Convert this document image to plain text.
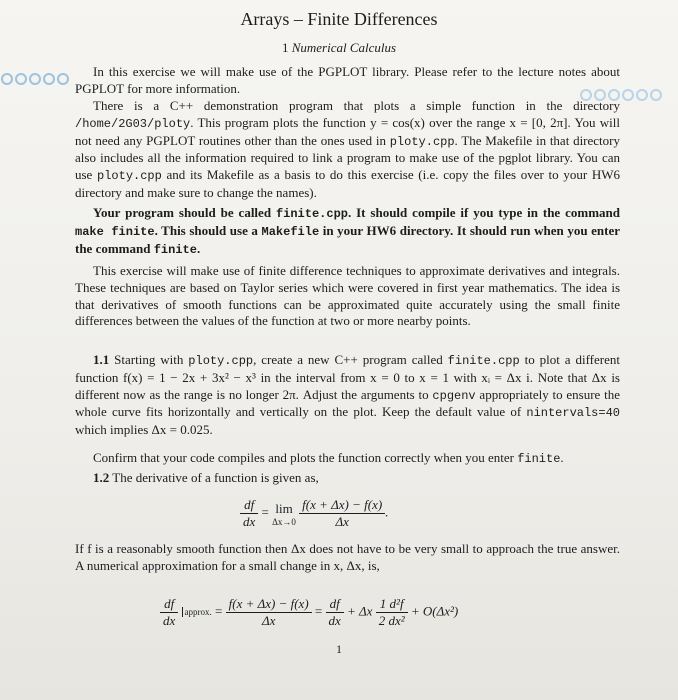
Arrays – Finite Differences
1 Numerical Calculus
In this exercise we will make use of the PGPLOT library. Please refer to the lecture notes about PGPLOT for more information.
There is a C++ demonstration program that plots a simple function in the directory /home/2G03/ploty. This program plots the function y = cos(x) over the range x = [0, 2π]. You will not need any PGPLOT routines other than the ones used in ploty.cpp. The Makefile in that directory also includes all the information required to link a program to make use of the pgplot library. You can use ploty.cpp and its Makefile as a basis to do this exercise (i.e. copy the files over to your HW6 directory and make sure to change the names).
Your program should be called finite.cpp. It should compile if you type in the command make finite. This should use a Makefile in your HW6 directory. It should run when you enter the command finite.
This exercise will make use of finite difference techniques to approximate derivatives and integrals. These techniques are based on Taylor series which were covered in first year mathematics. The idea is that derivatives of smooth functions can be approximated quite accurately using the small finite differences between the values of the function at two or more nearby points.
1.1 Starting with ploty.cpp, create a new C++ program called finite.cpp to plot a different function f(x) = 1 − 2x + 3x² − x³ in the interval from x = 0 to x = 1 with xᵢ = Δx i. Note that Δx is different now as the range is no longer 2π. Adjust the arguments to cpgenv appropriately to ensure the whole curve fits horizontally and vertically on the plot. Keep the default value of nintervals=40 which implies Δx = 0.025.
Confirm that your code compiles and plots the function correctly when you enter finite.
1.2 The derivative of a function is given as,
$\frac{df}{dx} = \lim$
Δx→0
$\frac{f(x + \Delta x) - f(x)}{\Delta x}$ .
If f is a reasonably smooth function then Δx does not have to be very small to approach the true answer. A numerical approximation for a small change in x, Δx, is,
$\frac{df}{dx}$ approx. = $\frac{f(x + \Delta x) - f(x)}{\Delta x} = \frac{df}{dx} + \Delta x \frac{\text{1 d²f}}{\text{2 dx²}} + O(\Delta x^2)$
1
